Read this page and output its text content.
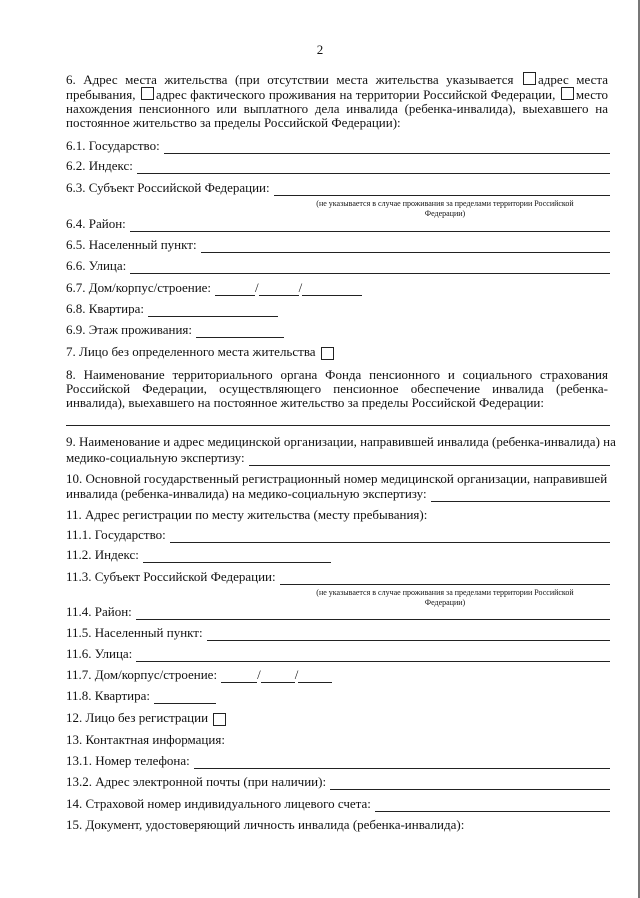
2
6. Адрес места жительства (при отсутствии места жительства указывается адрес места пребывания, адрес фактического проживания на территории Российской Федерации, место нахождения пенсионного или выплатного дела инвалида (ребенка-инвалида), выехавшего на постоянное жительство за пределы Российской Федерации):
6.1. Государство:
6.2. Индекс:
6.3. Субъект Российской Федерации:
(не указывается в случае проживания за пределами территории Российской Федерации)
6.4. Район:
6.5. Населенный пункт:
6.6. Улица:
6.7. Дом/корпус/строение:	/	/
6.8. Квартира:
6.9. Этаж проживания:
7. Лицо без определенного места жительства
8. Наименование территориального органа Фонда пенсионного и социального страхования Российской Федерации, осуществляющего пенсионное обеспечение инвалида (ребенка-инвалида), выехавшего на постоянное жительство за пределы Российской Федерации:
9. Наименование и адрес медицинской организации, направившей инвалида (ребенка-инвалида) на
медико-социальную экспертизу:
10. Основной государственный регистрационный номер медицинской организации, направившей
инвалида (ребенка-инвалида) на медико-социальную экспертизу:
11. Адрес регистрации по месту жительства (месту пребывания):
11.1. Государство:
11.2. Индекс:
11.3. Субъект Российской Федерации:
(не указывается в случае проживания за пределами территории Российской Федерации)
11.4. Район:
11.5. Населенный пункт:
11.6. Улица:
11.7. Дом/корпус/строение:	/	/
11.8. Квартира:
12. Лицо без регистрации
13. Контактная информация:
13.1. Номер телефона:
13.2. Адрес электронной почты (при наличии):
14. Страховой номер индивидуального лицевого счета:
15. Документ, удостоверяющий личность инвалида (ребенка-инвалида):
